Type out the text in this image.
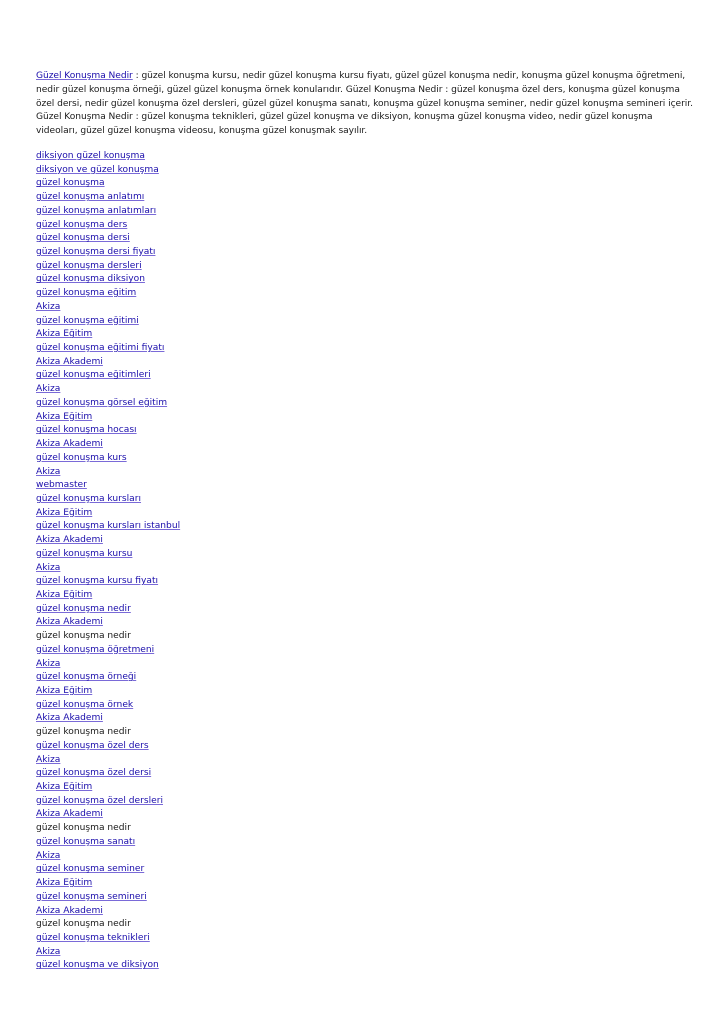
Güzel Konuşma Nedir : güzel konuşma kursu, nedir güzel konuşma kursu fiyatı, güzel güzel konuşma nedir, konuşma güzel konuşma öğretmeni, nedir güzel konuşma örneği, güzel güzel konuşma örnek konularıdır. Güzel Konuşma Nedir : güzel konuşma özel ders, konuşma güzel konuşma özel dersi, nedir güzel konuşma özel dersleri, güzel güzel konuşma sanatı, konuşma güzel konuşma seminer, nedir güzel konuşma semineri içerir. Güzel Konuşma Nedir : güzel konuşma teknikleri, güzel güzel konuşma ve diksiyon, konuşma güzel konuşma video, nedir güzel konuşma videoları, güzel güzel konuşma videosu, konuşma güzel konuşmak sayılır.

diksiyon güzel konuşma
diksiyon ve güzel konuşma
güzel konuşma
güzel konuşma anlatımı
güzel konuşma anlatımları
güzel konuşma ders
güzel konuşma dersi
güzel konuşma dersi fiyatı
güzel konuşma dersleri
güzel konuşma diksiyon
güzel konuşma eğitim
Akiza
güzel konuşma eğitimi
Akiza Eğitim
güzel konuşma eğitimi fiyatı
Akiza Akademi
güzel konuşma eğitimleri
Akiza
güzel konuşma görsel eğitim
Akiza Eğitim
güzel konuşma hocası
Akiza Akademi
güzel konuşma kurs
Akiza
webmaster
güzel konuşma kursları
Akiza Eğitim
güzel konuşma kursları istanbul
Akiza Akademi
güzel konuşma kursu
Akiza
güzel konuşma kursu fiyatı
Akiza Eğitim
güzel konuşma nedir
Akiza Akademi
güzel konuşma nedir
güzel konuşma öğretmeni
Akiza
güzel konuşma örneği
Akiza Eğitim
güzel konuşma örnek
Akiza Akademi
güzel konuşma nedir
güzel konuşma özel ders
Akiza
güzel konuşma özel dersi
Akiza Eğitim
güzel konuşma özel dersleri
Akiza Akademi
güzel konuşma nedir
güzel konuşma sanatı
Akiza
güzel konuşma seminer
Akiza Eğitim
güzel konuşma semineri
Akiza Akademi
güzel konuşma nedir
güzel konuşma teknikleri
Akiza
güzel konuşma ve diksiyon
